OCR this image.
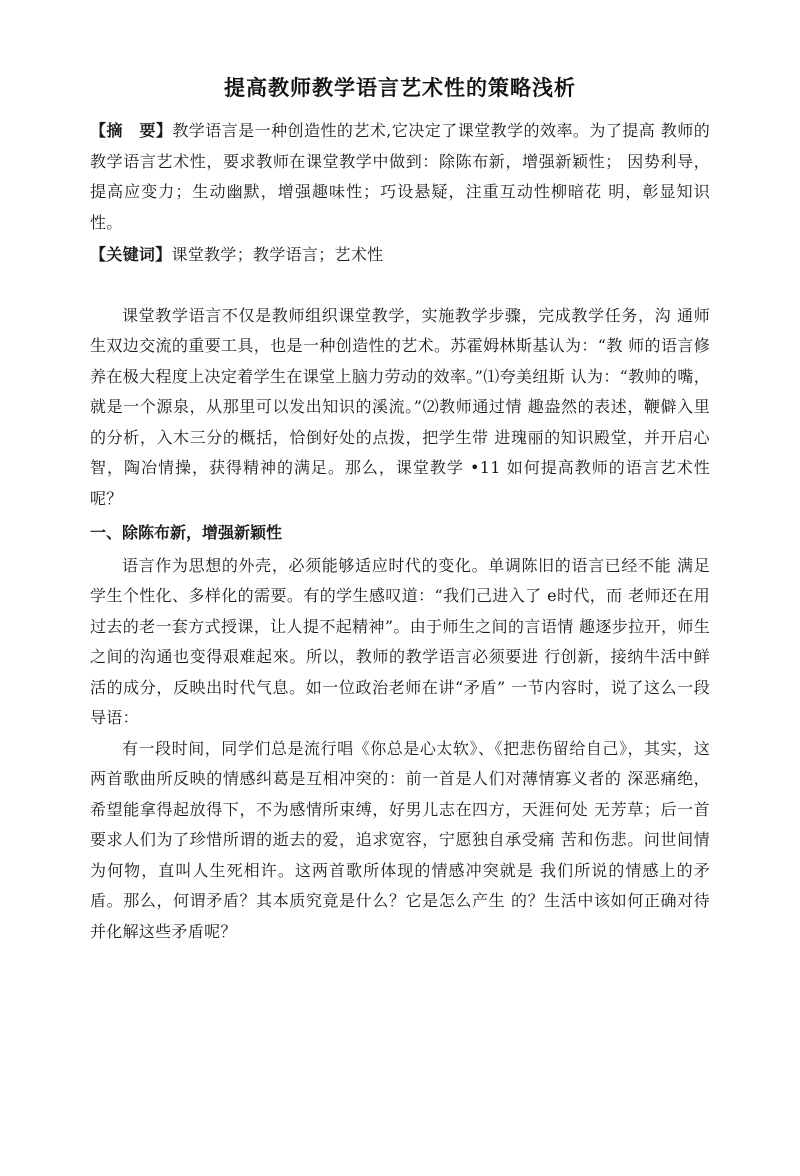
提高教师教学语言艺术性的策略浅析

【摘　要】教学语言是一种创造性的艺术,它决定了课堂教学的效率。为了提高 教师的教学语言艺术性，要求教师在课堂教学中做到：除陈布新，增强新颖性； 因势利导，提高应变力；生动幽默，增强趣味性；巧设悬疑，注重互动性柳暗花 明，彰显知识性。

【关键词】课堂教学；教学语言；艺术性

课堂教学语言不仅是教师组织课堂教学，实施教学步骤，完成教学任务，沟 通师生双边交流的重要工具，也是一种创造性的艺术。苏霍姆林斯基认为：“教 师的语言修养在极大程度上决定着学生在课堂上脑力劳动的效率。”⑴夸美纽斯 认为：“教帅的嘴，就是一个源泉，从那里可以发出知识的溪流。”⑵教师通过情 趣盎然的表述，鞭僻入里的分析，入木三分的概括，恰倒好处的点拨，把学生带 进瑰丽的知识殿堂，并开启心智，陶冶情操，获得精神的满足。那么，课堂教学 •11 如何提高教师的语言艺术性呢？

一、除陈布新，增强新颖性

语言作为思想的外壳，必须能够适应时代的变化。单调陈旧的语言已经不能 满足学生个性化、多样化的需要。有的学生感叹道：“我们己进入了 e时代，而 老师还在用过去的老一套方式授课，让人提不起精神”。由于师生之间的言语情 趣逐步拉开，师生之间的沟通也变得艰难起來。所以，教师的教学语言必须要进 行创新，接纳牛活中鲜活的成分，反映出时代气息。如一位政治老师在讲“矛盾” 一节内容时，说了这么一段导语：

有一段时间，同学们总是流行唱《你总是心太软》、《把悲伤留给自己》，其实，这两首歌曲所反映的情感纠葛是互相冲突的：前一首是人们对薄情寡义者的 深恶痛绝，希望能拿得起放得下，不为感情所束缚，好男儿志在四方，天涯何处 无芳草；后一首要求人们为了珍惜所谓的逝去的爱，追求宽容，宁愿独自承受痛 苦和伤悲。问世间情为何物，直叫人生死相许。这两首歌所体现的情感冲突就是 我们所说的情感上的矛盾。那么，何谓矛盾？其本质究竟是什么？它是怎么产生 的？生活中该如何正确对待并化解这些矛盾呢？
